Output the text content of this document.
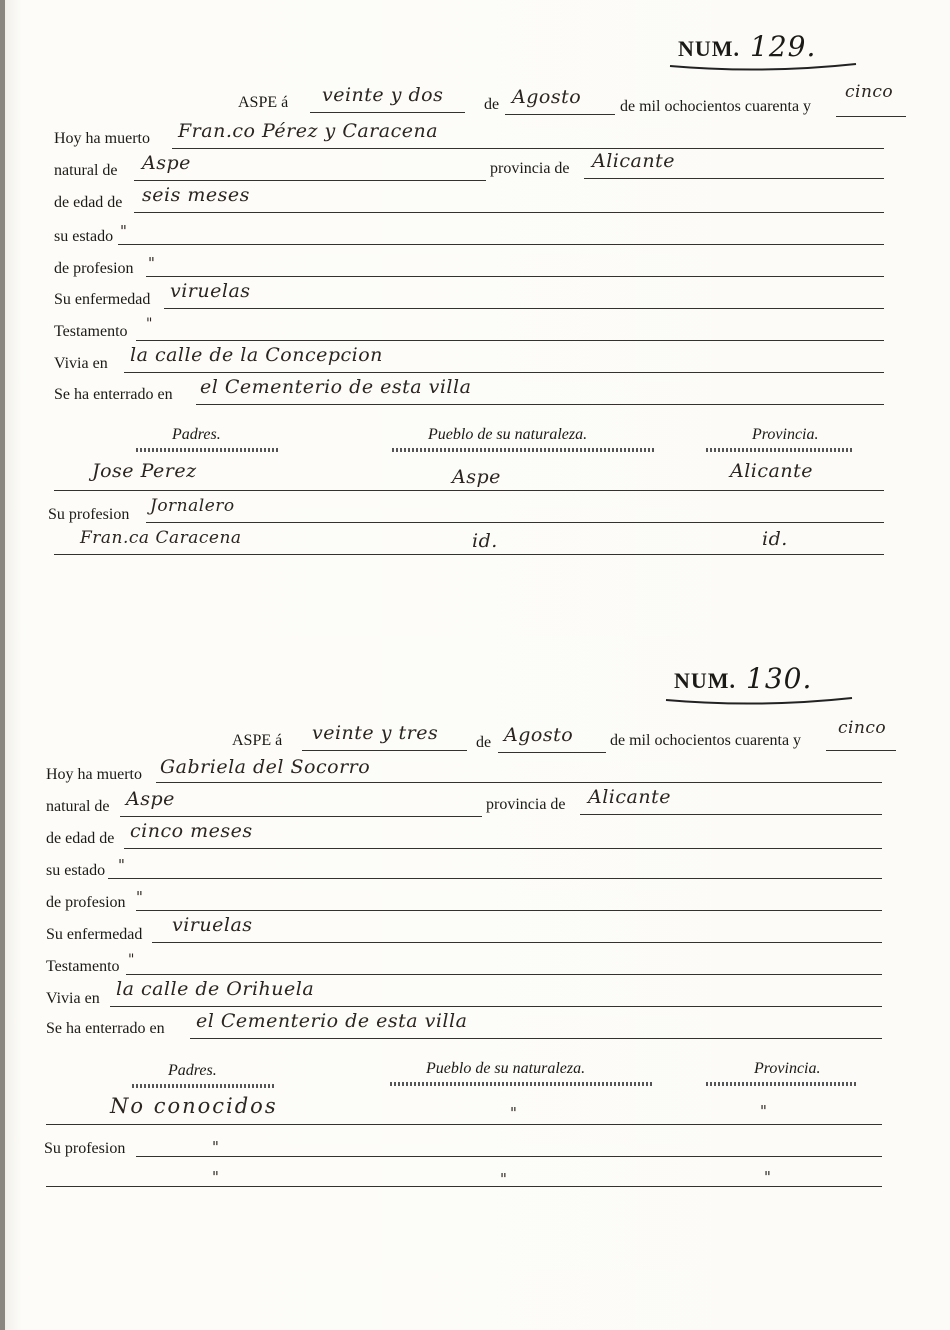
NUM. 129.
ASPE á veinte y dos	de Agosto de mil ochocientos cuarenta y
cinco
Hoy ha muerto Fran.co Pérez y Caracena
natural de Aspe	provincia de Alicante
de edad de seis meses
su estado "
de profesion "
Su enfermedad viruelas
Testamento "
Vivia en la calle de la Concepcion
Se ha enterrado en el Cementerio de esta villa
Padres.	Pueblo de su naturaleza.	Provincia.
Jose Perez	Aspe	Alicante
Su profesion Jornalero
Fran.ca Caracena	id.	id.
NUM. 130.
ASPE á veinte y tres de Agosto de mil ochocientos cuarenta y
cinco
Hoy ha muerto Gabriela del Socorro
natural de Aspe	provincia de Alicante
de edad de cinco meses
su estado "
de profesion "
Su enfermedad viruelas
Testamento "
Vivia en la calle de Orihuela
Se ha enterrado en el Cementerio de esta villa
Padres.	Pueblo de su naturaleza.	Provincia.
No conocidos	"	"
Su profesion	"
"	"	"
